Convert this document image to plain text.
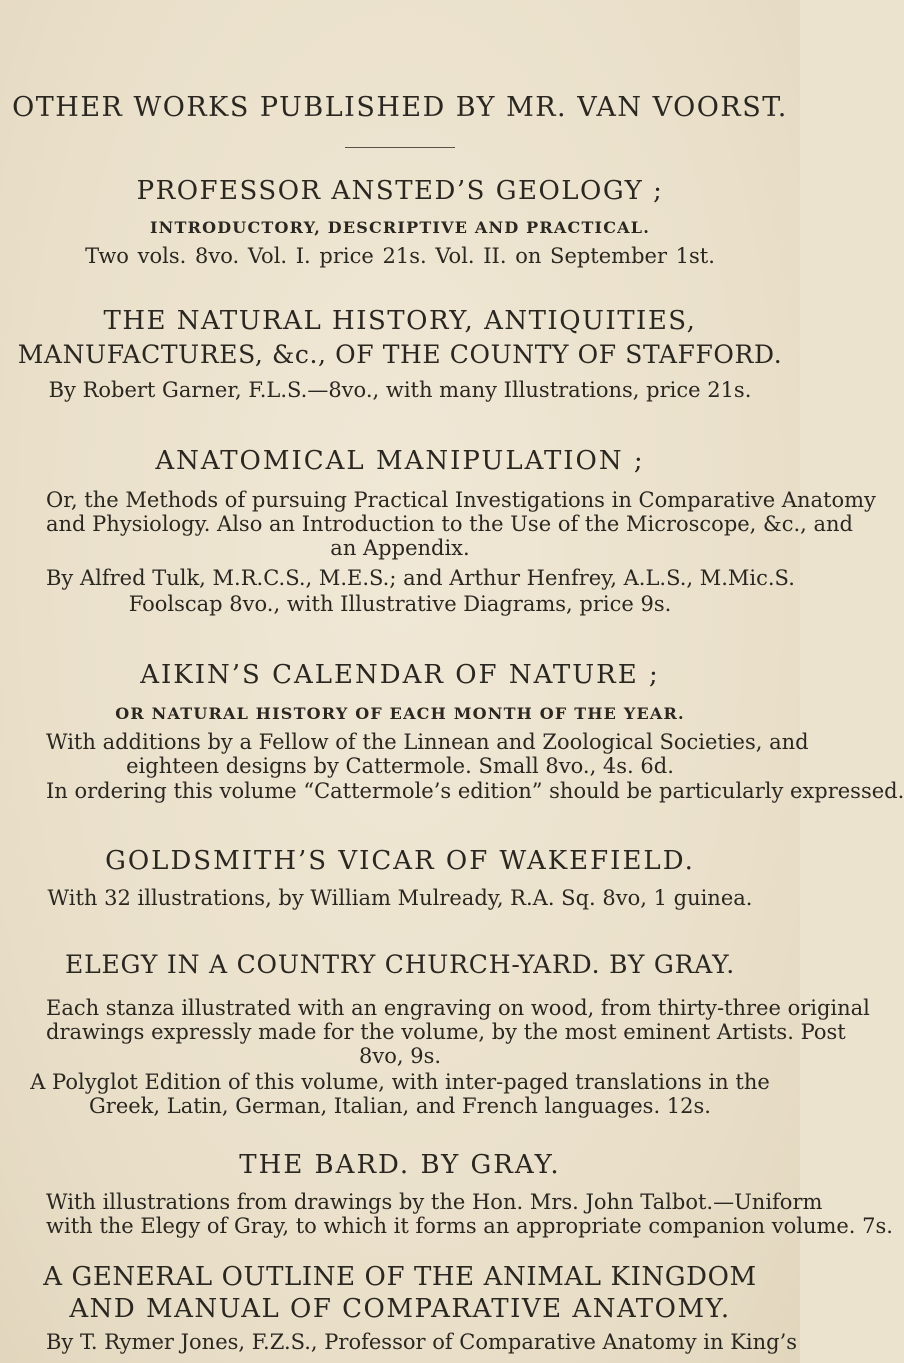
OTHER WORKS PUBLISHED BY MR. VAN VOORST.
PROFESSOR ANSTED’S GEOLOGY ;
INTRODUCTORY, DESCRIPTIVE AND PRACTICAL.
Two vols. 8vo. Vol. I. price 21s. Vol. II. on September 1st.
THE NATURAL HISTORY, ANTIQUITIES,
MANUFACTURES, &c., OF THE COUNTY OF STAFFORD.
By Robert Garner, F.L.S.—8vo., with many Illustrations, price 21s.
ANATOMICAL MANIPULATION ;
Or, the Methods of pursuing Practical Investigations in Comparative Anatomy
and Physiology. Also an Introduction to the Use of the Microscope, &c., and
an Appendix.
By Alfred Tulk, M.R.C.S., M.E.S.; and Arthur Henfrey, A.L.S., M.Mic.S.
Foolscap 8vo., with Illustrative Diagrams, price 9s.
AIKIN’S CALENDAR OF NATURE ;
OR NATURAL HISTORY OF EACH MONTH OF THE YEAR.
With additions by a Fellow of the Linnean and Zoological Societies, and
eighteen designs by Cattermole. Small 8vo., 4s. 6d.
In ordering this volume “Cattermole’s edition” should be particularly expressed.
GOLDSMITH’S VICAR OF WAKEFIELD.
With 32 illustrations, by William Mulready, R.A. Sq. 8vo, 1 guinea.
ELEGY IN A COUNTRY CHURCH-YARD. BY GRAY.
Each stanza illustrated with an engraving on wood, from thirty-three original
drawings expressly made for the volume, by the most eminent Artists. Post
8vo, 9s.
A Polyglot Edition of this volume, with inter-paged translations in the
Greek, Latin, German, Italian, and French languages. 12s.
THE BARD. BY GRAY.
With illustrations from drawings by the Hon. Mrs. John Talbot.—Uniform
with the Elegy of Gray, to which it forms an appropriate companion volume. 7s.
A GENERAL OUTLINE OF THE ANIMAL KINGDOM
AND MANUAL OF COMPARATIVE ANATOMY.
By T. Rymer Jones, F.Z.S., Professor of Comparative Anatomy in King’s
